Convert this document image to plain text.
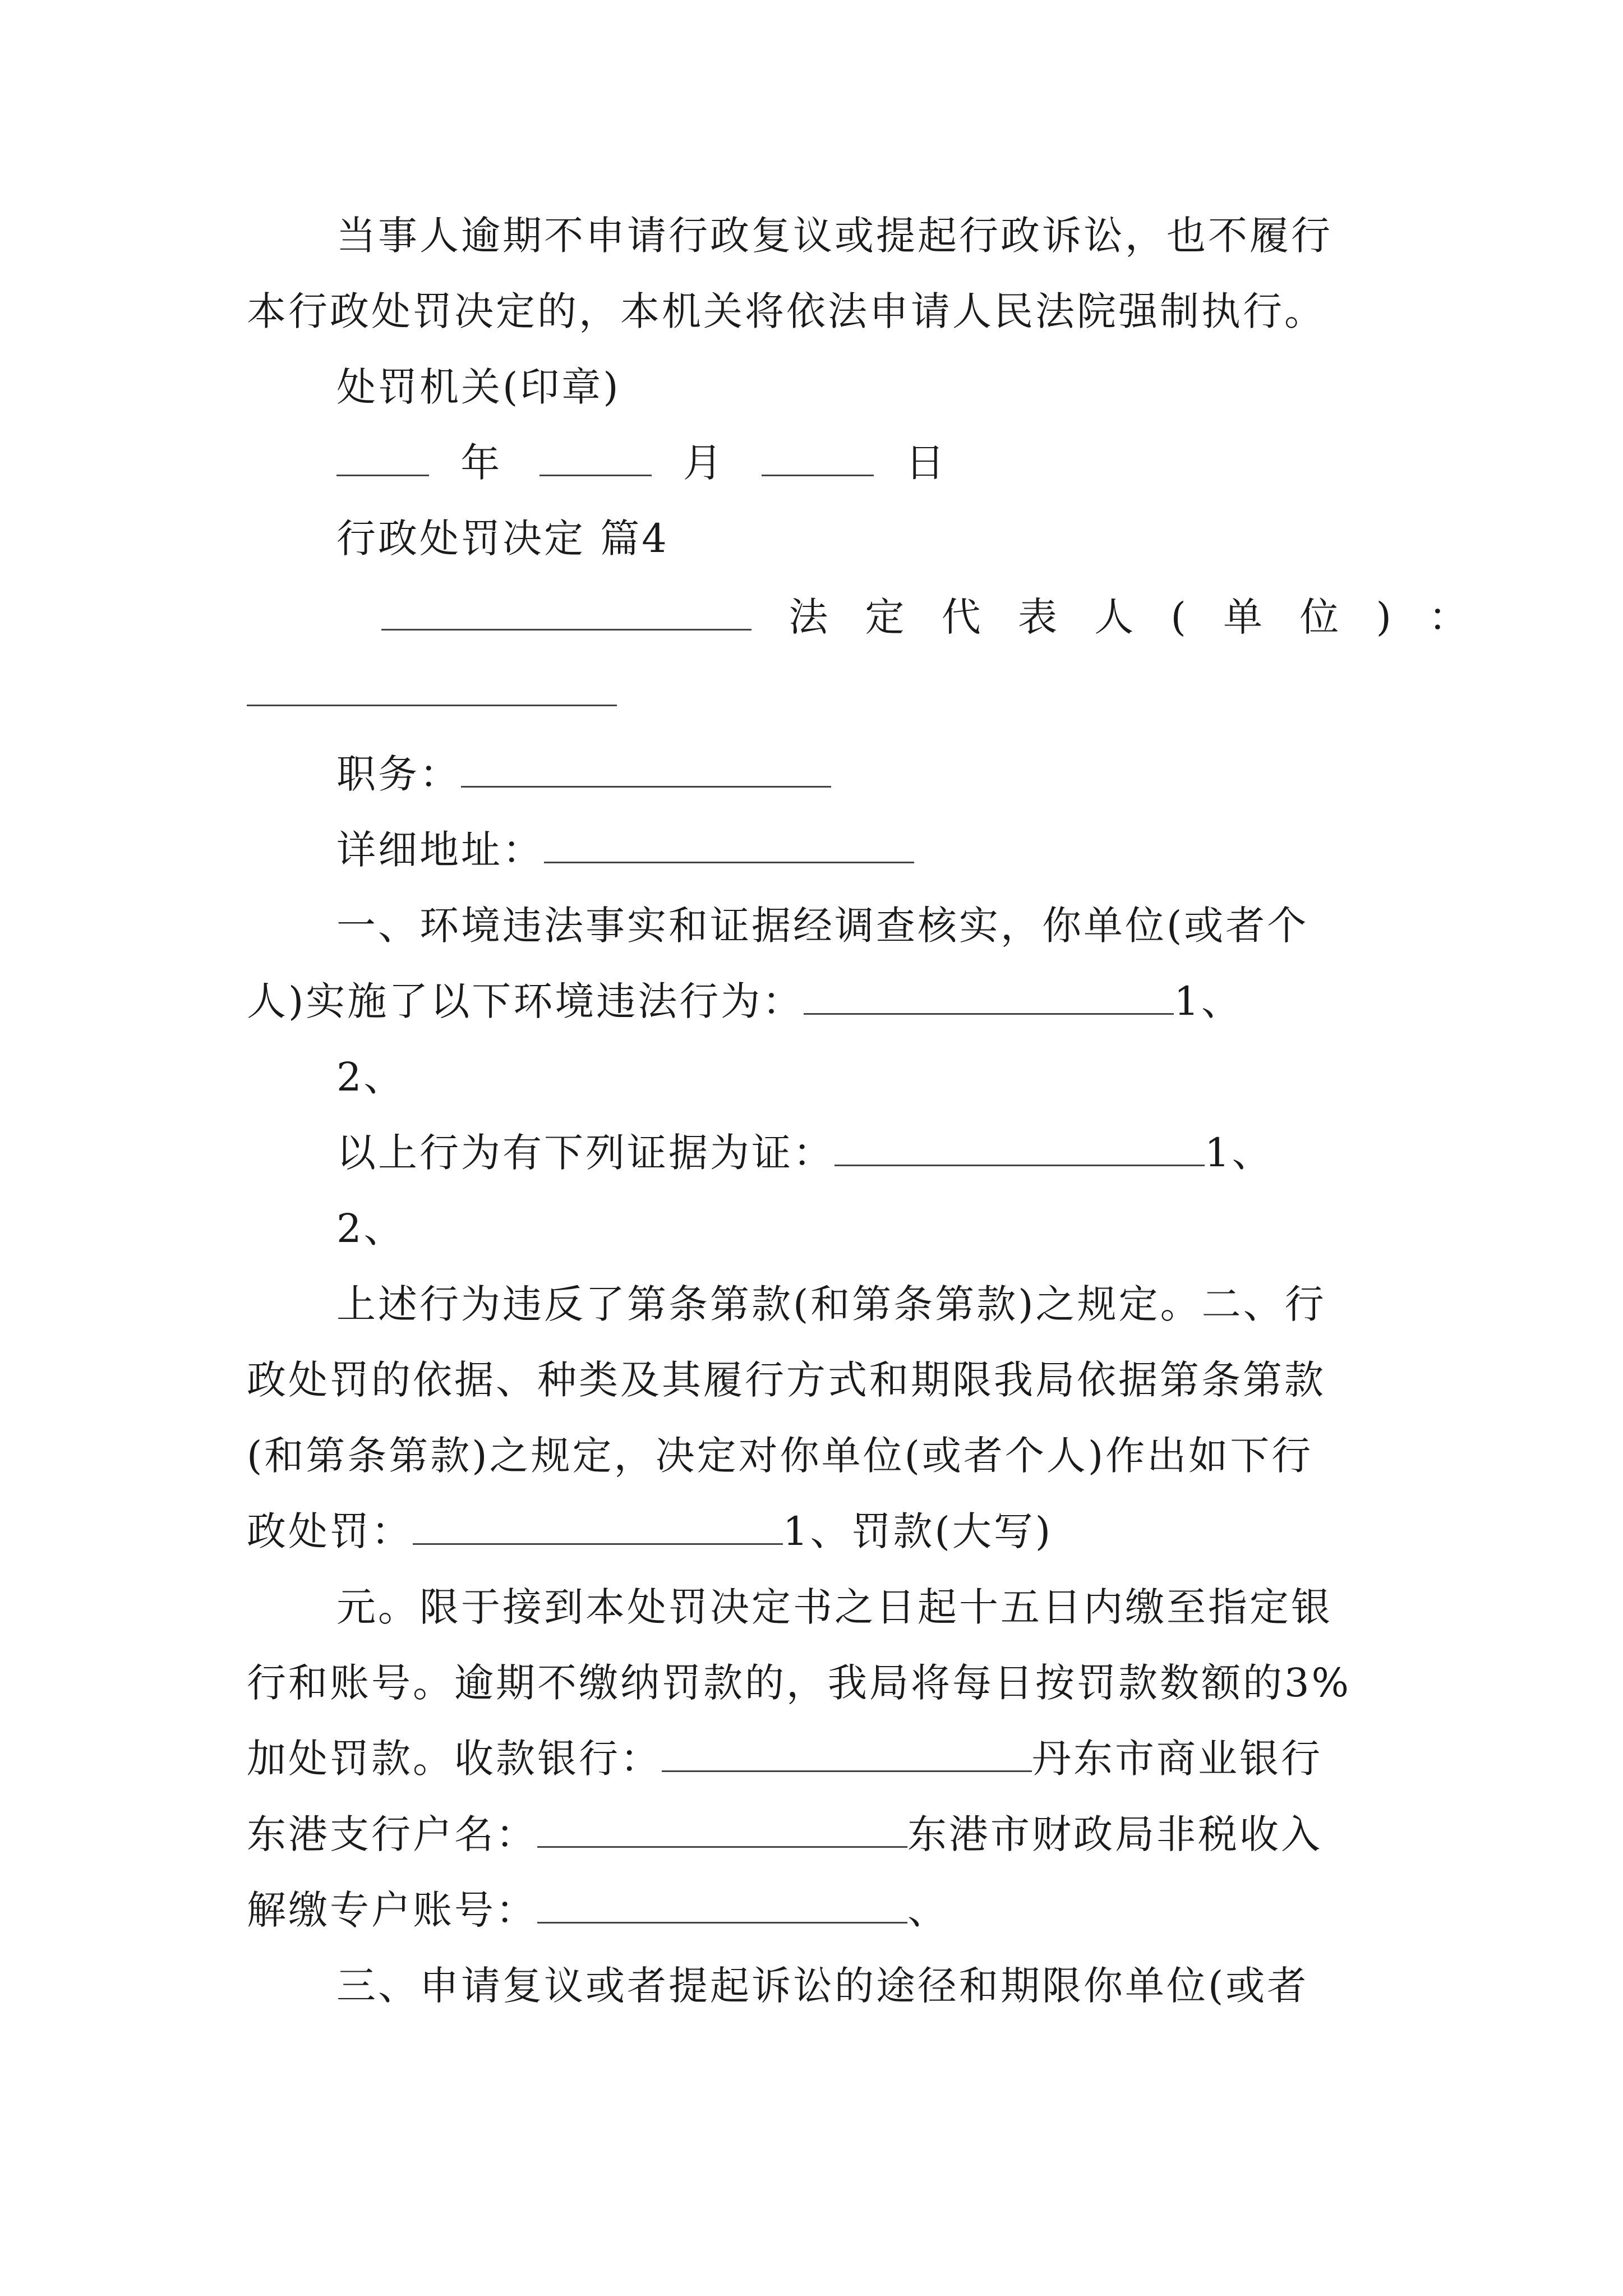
当事人逾期不申请行政复议或提起行政诉讼，也不履行
本行政处罚决定的，本机关将依法申请人民法院强制执行。
处罚机关(印章)
年	月	日
行政处罚决定 篇4
法 定 代 表 人 ( 单 位 ) ：
职务：
详细地址：
一、环境违法事实和证据经调查核实，你单位(或者个
人)实施了以下环境违法行为：	1、
2、
以上行为有下列证据为证：	1、
2、
上述行为违反了第条第款(和第条第款)之规定。二、行
政处罚的依据、种类及其履行方式和期限我局依据第条第款
(和第条第款)之规定，决定对你单位(或者个人)作出如下行
政处罚：	1、罚款(大写)
元。限于接到本处罚决定书之日起十五日内缴至指定银
行和账号。逾期不缴纳罚款的，我局将每日按罚款数额的3%
加处罚款。收款银行：	丹东市商业银行
东港支行户名：	东港市财政局非税收入
解缴专户账号：	、
三、申请复议或者提起诉讼的途径和期限你单位(或者
